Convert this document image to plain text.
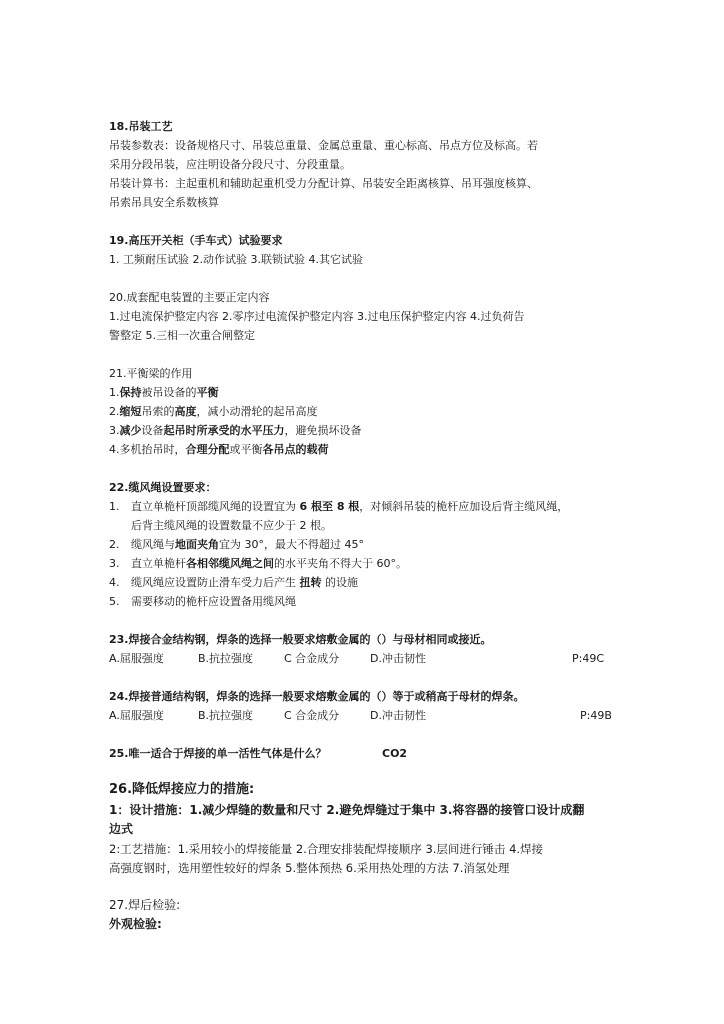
18.吊装工艺
吊装参数表：设备规格尺寸、吊装总重量、金属总重量、重心标高、吊点方位及标高。若
采用分段吊装，应注明设备分段尺寸、分段重量。
吊装计算书：主起重机和辅助起重机受力分配计算、吊装安全距离核算、吊耳强度核算、
吊索吊具安全系数核算
19.高压开关柜（手车式）试验要求
1. 工频耐压试验 2.动作试验 3.联锁试验 4.其它试验
20.成套配电装置的主要正定内容
1.过电流保护整定内容 2.零序过电流保护整定内容 3.过电压保护整定内容 4.过负荷告
警整定 5.三相一次重合闸整定
21.平衡梁的作用
1.保持被吊设备的平衡
2.缩短吊索的高度，减小动滑轮的起吊高度
3.减少设备起吊时所承受的水平压力，避免损坏设备
4.多机抬吊时，合理分配或平衡各吊点的载荷
22.缆风绳设置要求：
1. 直立单桅杆顶部缆风绳的设置宜为 6 根至 8 根，对倾斜吊装的桅杆应加设后背主缆风绳，
后背主缆风绳的设置数量不应少于 2 根。
2. 缆风绳与地面夹角宜为 30°，最大不得超过 45°
3. 直立单桅杆各相邻缆风绳之间的水平夹角不得大于 60°。
4. 缆风绳应设置防止滑车受力后产生 扭转 的设施
5. 需要移动的桅杆应设置备用缆风绳
23.焊接合金结构钢，焊条的选择一般要求熔敷金属的（）与母材相同或接近。
A.屈服强度	B.抗拉强度	C 合金成分	D.冲击韧性	P:49C
24.焊接普通结构钢，焊条的选择一般要求熔敷金属的（）等于或稍高于母材的焊条。
A.屈服强度	B.抗拉强度	C 合金成分	D.冲击韧性	P:49B
25.唯一适合于焊接的单一活性气体是什么？	CO2
26.降低焊接应力的措施:
1：设计措施：1.减少焊缝的数量和尺寸 2.避免焊缝过于集中 3.将容器的接管口设计成翻
边式
2:工艺措施：1.采用较小的焊接能量 2.合理安排装配焊接顺序 3.层间进行锤击 4.焊接
高强度钢时，选用塑性较好的焊条 5.整体预热 6.采用热处理的方法 7.消氢处理
27.焊后检验:
外观检验:
